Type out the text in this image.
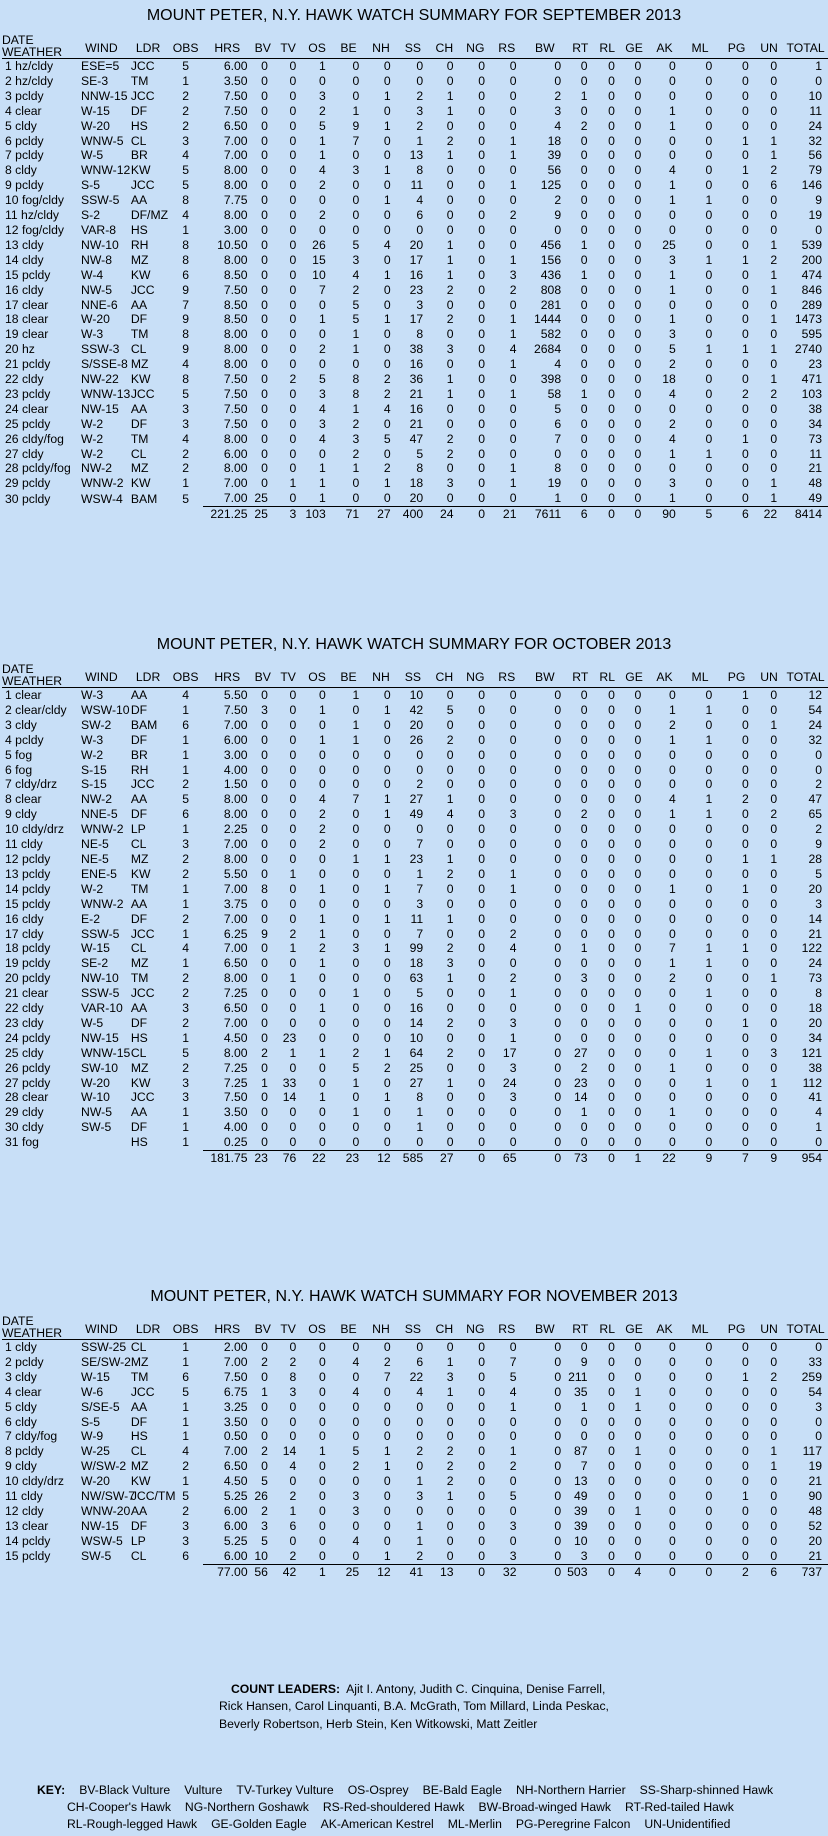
MOUNT PETER, N.Y. HAWK WATCH SUMMARY FOR SEPTEMBER 2013
DATE
WEATHER	WIND	LDR	OBS	HRS	BV	TV	OS	BE	NH	SS	CH	NG	RS	BW	RT	RL	GE	AK	ML	PG	UN	TOTAL
1 hz/cldy	ESE=5	JCC	5	6.00	0	0	1	0	0	0	0	0	0	0	0	0	0	0	0	0	0	1
2 hz/cldy	SE-3	TM	1	3.50	0	0	0	0	0	0	0	0	0	0	0	0	0	0	0	0	0	0
3 pcldy	NNW-15	JCC	2	7.50	0	0	3	0	1	2	1	0	0	2	1	0	0	0	0	0	0	10
4 clear	W-15	DF	2	7.50	0	0	2	1	0	3	1	0	0	3	0	0	0	1	0	0	0	11
5 cldy	W-20	HS	2	6.50	0	0	5	9	1	2	0	0	0	4	2	0	0	1	0	0	0	24
6 pcldy	WNW-5	CL	3	7.00	0	0	1	7	0	1	2	0	1	18	0	0	0	0	0	1	1	32
7 pcldy	W-5	BR	4	7.00	0	0	1	0	0	13	1	0	1	39	0	0	0	0	0	0	1	56
8 cldy	WNW-12	KW	5	8.00	0	0	4	3	1	8	0	0	0	56	0	0	0	4	0	1	2	79
9 pcldy	S-5	JCC	5	8.00	0	0	2	0	0	11	0	0	1	125	0	0	0	1	0	0	6	146
10 fog/cldy	SSW-5	AA	8	7.75	0	0	0	0	1	4	0	0	0	2	0	0	0	1	1	0	0	9
11 hz/cldy	S-2	DF/MZ	4	8.00	0	0	2	0	0	6	0	0	2	9	0	0	0	0	0	0	0	19
12 fog/cldy	VAR-8	HS	1	3.00	0	0	0	0	0	0	0	0	0	0	0	0	0	0	0	0	0	0
13 cldy	NW-10	RH	8	10.50	0	0	26	5	4	20	1	0	0	456	1	0	0	25	0	0	1	539
14 cldy	NW-8	MZ	8	8.00	0	0	15	3	0	17	1	0	1	156	0	0	0	3	1	1	2	200
15 pcldy	W-4	KW	6	8.50	0	0	10	4	1	16	1	0	3	436	1	0	0	1	0	0	1	474
16 cldy	NW-5	JCC	9	7.50	0	0	7	2	0	23	2	0	2	808	0	0	0	1	0	0	1	846
17 clear	NNE-6	AA	7	8.50	0	0	0	5	0	3	0	0	0	281	0	0	0	0	0	0	0	289
18 clear	W-20	DF	9	8.50	0	0	1	5	1	17	2	0	1	1444	0	0	0	1	0	0	1	1473
19 clear	W-3	TM	8	8.00	0	0	0	1	0	8	0	0	1	582	0	0	0	3	0	0	0	595
20 hz	SSW-3	CL	9	8.00	0	0	2	1	0	38	3	0	4	2684	0	0	0	5	1	1	1	2740
21 pcldy	S/SSE-8	MZ	4	8.00	0	0	0	0	0	16	0	0	1	4	0	0	0	2	0	0	0	23
22 cldy	NW-22	KW	8	7.50	0	2	5	8	2	36	1	0	0	398	0	0	0	18	0	0	1	471
23 pcldy	WNW-13	JCC	5	7.50	0	0	3	8	2	21	1	0	1	58	1	0	0	4	0	2	2	103
24 clear	NW-15	AA	3	7.50	0	0	4	1	4	16	0	0	0	5	0	0	0	0	0	0	0	38
25 pcldy	W-2	DF	3	7.50	0	0	3	2	0	21	0	0	0	6	0	0	0	2	0	0	0	34
26 cldy/fog	W-2	TM	4	8.00	0	0	4	3	5	47	2	0	0	7	0	0	0	4	0	1	0	73
27 cldy	W-2	CL	2	6.00	0	0	0	2	0	5	2	0	0	0	0	0	0	1	1	0	0	11
28 pcldy/fog	NW-2	MZ	2	8.00	0	0	1	1	2	8	0	0	1	8	0	0	0	0	0	0	0	21
29 pcldy	WNW-2	KW	1	7.00	0	1	1	0	1	18	3	0	1	19	0	0	0	3	0	0	1	48
30 pcldy	WSW-4	BAM	5	7.00	25	0	1	0	0	20	0	0	0	1	0	0	0	1	0	0	1	49
				221.25	25	3	103	71	27	400	24	0	21	7611	6	0	0	90	5	6	22	8414
MOUNT PETER, N.Y. HAWK WATCH SUMMARY FOR OCTOBER 2013
DATE
WEATHER	WIND	LDR	OBS	HRS	BV	TV	OS	BE	NH	SS	CH	NG	RS	BW	RT	RL	GE	AK	ML	PG	UN	TOTAL
1 clear	W-3	AA	4	5.50	0	0	0	1	0	10	0	0	0	0	0	0	0	0	0	1	0	12
2 clear/cldy	WSW-10	DF	1	7.50	3	0	1	0	1	42	5	0	0	0	0	0	0	1	1	0	0	54
3 cldy	SW-2	BAM	6	7.00	0	0	0	1	0	20	0	0	0	0	0	0	0	2	0	0	1	24
4 pcldy	W-3	DF	1	6.00	0	0	1	1	0	26	2	0	0	0	0	0	0	1	1	0	0	32
5 fog	W-2	BR	1	3.00	0	0	0	0	0	0	0	0	0	0	0	0	0	0	0	0	0	0
6 fog	S-15	RH	1	4.00	0	0	0	0	0	0	0	0	0	0	0	0	0	0	0	0	0	0
7 cldy/drz	S-15	JCC	2	1.50	0	0	0	0	0	2	0	0	0	0	0	0	0	0	0	0	0	2
8 clear	NW-2	AA	5	8.00	0	0	4	7	1	27	1	0	0	0	0	0	0	4	1	2	0	47
9 cldy	NNE-5	DF	6	8.00	0	0	2	0	1	49	4	0	3	0	2	0	0	1	1	0	2	65
10 cldy/drz	WNW-2	LP	1	2.25	0	0	2	0	0	0	0	0	0	0	0	0	0	0	0	0	0	2
11 cldy	NE-5	CL	3	7.00	0	0	2	0	0	7	0	0	0	0	0	0	0	0	0	0	0	9
12 pcldy	NE-5	MZ	2	8.00	0	0	0	1	1	23	1	0	0	0	0	0	0	0	0	1	1	28
13 pcldy	ENE-5	KW	2	5.50	0	1	0	0	0	1	2	0	1	0	0	0	0	0	0	0	0	5
14 pcldy	W-2	TM	1	7.00	8	0	1	0	1	7	0	0	1	0	0	0	0	1	0	1	0	20
15 pcldy	WNW-2	AA	1	3.75	0	0	0	0	0	3	0	0	0	0	0	0	0	0	0	0	0	3
16 cldy	E-2	DF	2	7.00	0	0	1	0	1	11	1	0	0	0	0	0	0	0	0	0	0	14
17 cldy	SSW-5	JCC	1	6.25	9	2	1	0	0	7	0	0	2	0	0	0	0	0	0	0	0	21
18 pcldy	W-15	CL	4	7.00	0	1	2	3	1	99	2	0	4	0	1	0	0	7	1	1	0	122
19 pcldy	SE-2	MZ	1	6.50	0	0	1	0	0	18	3	0	0	0	0	0	0	1	1	0	0	24
20 pcldy	NW-10	TM	2	8.00	0	1	0	0	0	63	1	0	2	0	3	0	0	2	0	0	1	73
21 clear	SSW-5	JCC	2	7.25	0	0	0	1	0	5	0	0	1	0	0	0	0	0	1	0	0	8
22 cldy	VAR-10	AA	3	6.50	0	0	1	0	0	16	0	0	0	0	0	0	1	0	0	0	0	18
23 cldy	W-5	DF	2	7.00	0	0	0	0	0	14	2	0	3	0	0	0	0	0	0	1	0	20
24 pcldy	NW-15	HS	1	4.50	0	23	0	0	0	10	0	0	1	0	0	0	0	0	0	0	0	34
25 cldy	WNW-15	CL	5	8.00	2	1	1	2	1	64	2	0	17	0	27	0	0	0	1	0	3	121
26 pcldy	SW-10	MZ	2	7.25	0	0	0	5	2	25	0	0	3	0	2	0	0	1	0	0	0	38
27 pcldy	W-20	KW	3	7.25	1	33	0	1	0	27	1	0	24	0	23	0	0	0	1	0	1	112
28 clear	W-10	JCC	3	7.50	0	14	1	0	1	8	0	0	3	0	14	0	0	0	0	0	0	41
29 cldy	NW-5	AA	1	3.50	0	0	0	1	0	1	0	0	0	0	1	0	0	1	0	0	0	4
30 cldy	SW-5	DF	1	4.00	0	0	0	0	0	1	0	0	0	0	0	0	0	0	0	0	0	1
31 fog		HS	1	0.25	0	0	0	0	0	0	0	0	0	0	0	0	0	0	0	0	0	0
				181.75	23	76	22	23	12	585	27	0	65	0	73	0	1	22	9	7	9	954
MOUNT PETER, N.Y. HAWK WATCH SUMMARY FOR NOVEMBER 2013
DATE
WEATHER	WIND	LDR	OBS	HRS	BV	TV	OS	BE	NH	SS	CH	NG	RS	BW	RT	RL	GE	AK	ML	PG	UN	TOTAL
1 cldy	SSW-25	CL	1	2.00	0	0	0	0	0	0	0	0	0	0	0	0	0	0	0	0	0	0
2 pcldy	SE/SW-2	MZ	1	7.00	2	2	0	4	2	6	1	0	7	0	9	0	0	0	0	0	0	33
3 cldy	W-15	TM	6	7.50	0	8	0	0	7	22	3	0	5	0	211	0	0	0	0	1	2	259
4 clear	W-6	JCC	5	6.75	1	3	0	4	0	4	1	0	4	0	35	0	1	0	0	0	0	54
5 cldy	S/SE-5	AA	1	3.25	0	0	0	0	0	0	0	0	1	0	1	0	1	0	0	0	0	3
6 cldy	S-5	DF	1	3.50	0	0	0	0	0	0	0	0	0	0	0	0	0	0	0	0	0	0
7 cldy/fog	W-9	HS	1	0.50	0	0	0	0	0	0	0	0	0	0	0	0	0	0	0	0	0	0
8 pcldy	W-25	CL	4	7.00	2	14	1	5	1	2	2	0	1	0	87	0	1	0	0	0	1	117
9 cldy	W/SW-2	MZ	2	6.50	0	4	0	2	1	0	2	0	2	0	7	0	0	0	0	0	1	19
10 cldy/drz	W-20	KW	1	4.50	5	0	0	0	0	1	2	0	0	0	13	0	0	0	0	0	0	21
11 cldy	NW/SW-7	JCC/TM	5	5.25	26	2	0	3	0	3	1	0	5	0	49	0	0	0	0	1	0	90
12 cldy	WNW-20	AA	2	6.00	2	1	0	3	0	0	0	0	0	0	39	0	1	0	0	0	0	48
13 clear	NW-15	DF	3	6.00	3	6	0	0	0	1	0	0	3	0	39	0	0	0	0	0	0	52
14 pcldy	WSW-5	LP	3	5.25	5	0	0	4	0	1	0	0	0	0	10	0	0	0	0	0	0	20
15 pcldy	SW-5	CL	6	6.00	10	2	0	0	1	2	0	0	3	0	3	0	0	0	0	0	0	21
				77.00	56	42	1	25	12	41	13	0	32	0	503	0	4	0	0	2	6	737
COUNT LEADERS: Ajit I. Antony, Judith C. Cinquina, Denise Farrell,
Rick Hansen, Carol Linquanti, B.A. McGrath, Tom Millard, Linda Peskac,
Beverly Robertson, Herb Stein, Ken Witkowski, Matt Zeitler
KEY: BV-Black Vulture Vulture TV-Turkey Vulture OS-Osprey BE-Bald Eagle NH-Northern Harrier SS-Sharp-shinned Hawk
CH-Cooper's Hawk NG-Northern Goshawk RS-Red-shouldered Hawk BW-Broad-winged Hawk RT-Red-tailed Hawk
RL-Rough-legged Hawk GE-Golden Eagle AK-American Kestrel ML-Merlin PG-Peregrine Falcon UN-Unidentified
